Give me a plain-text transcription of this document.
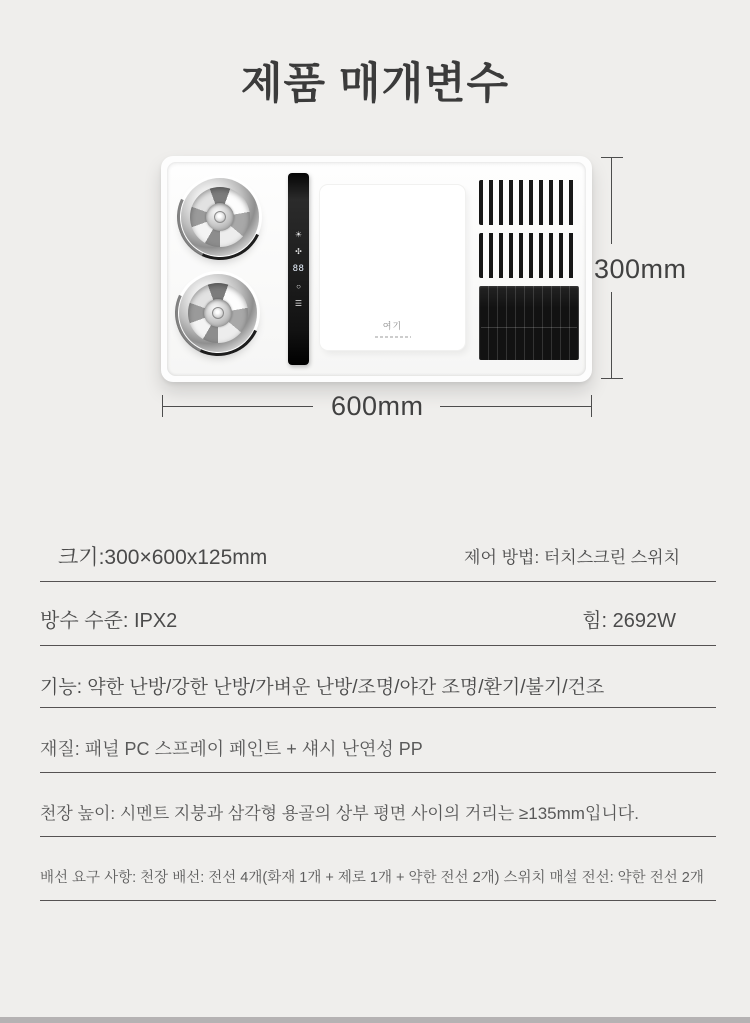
제품 매개변수
☀
✣
88
○
☰
여기
300mm
600mm
크기:300×600x125mm	제어 방법: 터치스크린 스위치
방수 수준: IPX2	힘: 2692W
기능: 약한 난방/강한 난방/가벼운 난방/조명/야간 조명/환기/불기/건조
재질: 패널 PC 스프레이 페인트 + 섀시 난연성 PP
천장 높이: 시멘트 지붕과 삼각형 용골의 상부 평면 사이의 거리는 ≥135mm입니다.
배선 요구 사항: 천장 배선: 전선 4개(화재 1개 + 제로 1개 + 약한 전선 2개) 스위치 매설 전선: 약한 전선 2개
